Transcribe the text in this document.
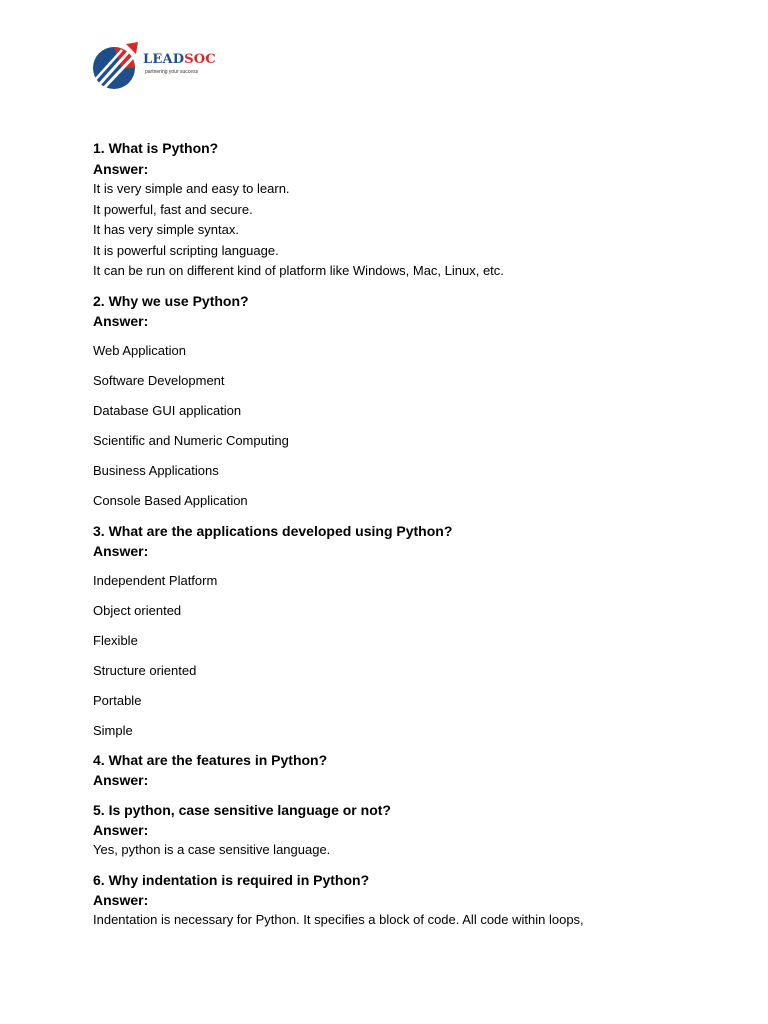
LEADSOC
partnering your success

1. What is Python?

Answer:

It is very simple and easy to learn.

It powerful, fast and secure.

It has very simple syntax.

It is powerful scripting language.

It can be run on different kind of platform like Windows, Mac, Linux, etc.

2. Why we use Python?

Answer:

Web Application

Software Development

Database GUI application

Scientific and Numeric Computing

Business Applications

Console Based Application

3. What are the applications developed using Python?

Answer:

Independent Platform

Object oriented

Flexible

Structure oriented

Portable

Simple

4. What are the features in Python?

Answer:

5. Is python, case sensitive language or not?

Answer:

Yes, python is a case sensitive language.

6. Why indentation is required in Python?

Answer:

Indentation is necessary for Python. It specifies a block of code. All code within loops,
